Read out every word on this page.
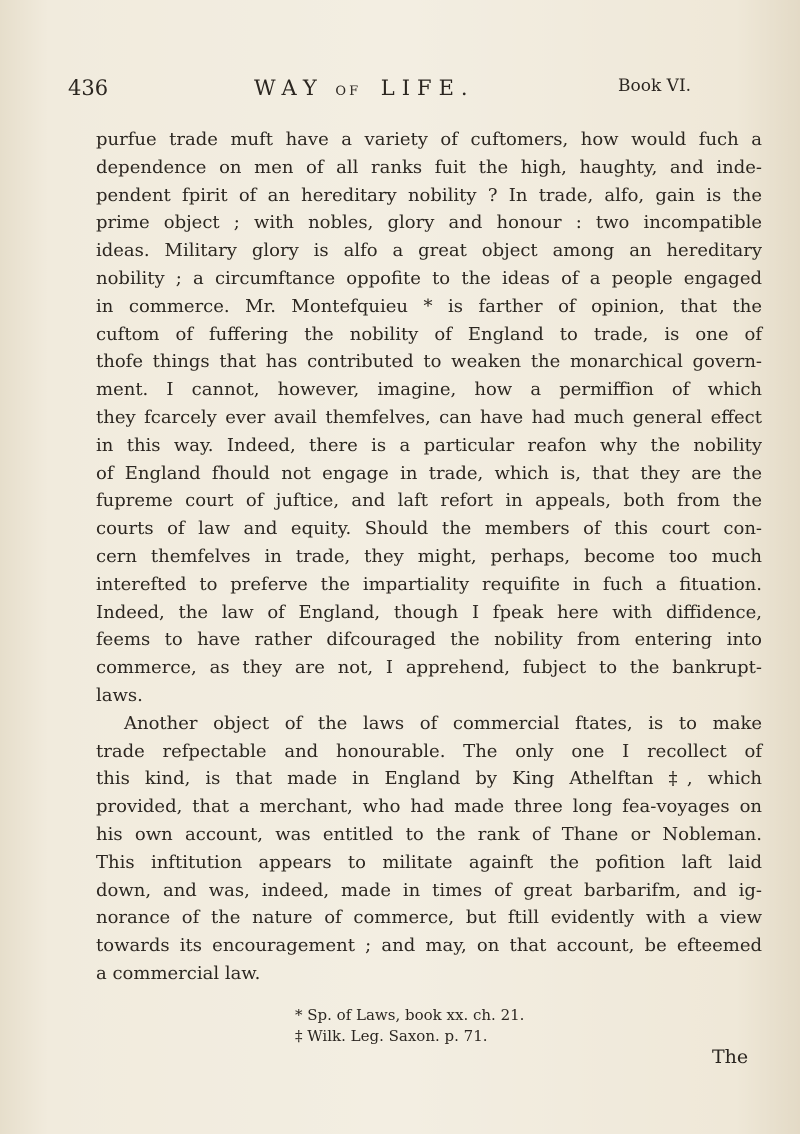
436	WAY OF LIFE.	Book VI.
purfue trade muft have a variety of cuftomers, how would fuch a
dependence on men of all ranks fuit the high, haughty, and inde-
pendent fpirit of an hereditary nobility ? In trade, alfo, gain is the
prime object ; with nobles, glory and honour : two incompatible
ideas. Military glory is alfo a great object among an hereditary
nobility ; a circumftance oppofite to the ideas of a people engaged
in commerce. Mr. Montefquieu * is farther of opinion, that the
cuftom of fuffering the nobility of England to trade, is one of
thofe things that has contributed to weaken the monarchical govern-
ment. I cannot, however, imagine, how a permiffion of which
they fcarcely ever avail themfelves, can have had much general effect
in this way. Indeed, there is a particular reafon why the nobility
of England fhould not engage in trade, which is, that they are the
fupreme court of juftice, and laft refort in appeals, both from the
courts of law and equity. Should the members of this court con-
cern themfelves in trade, they might, perhaps, become too much
interefted to preferve the impartiality requifite in fuch a fituation.
Indeed, the law of England, though I fpeak here with diffidence,
feems to have rather difcouraged the nobility from entering into
commerce, as they are not, I apprehend, fubject to the bankrupt-
laws.
Another object of the laws of commercial ftates, is to make
trade refpectable and honourable. The only one I recollect of
this kind, is that made in England by King Athelftan ‡, which
provided, that a merchant, who had made three long fea-voyages on
his own account, was entitled to the rank of Thane or Nobleman.
This inftitution appears to militate againft the pofition laft laid
down, and was, indeed, made in times of great barbarifm, and ig-
norance of the nature of commerce, but ftill evidently with a view
towards its encouragement ; and may, on that account, be efteemed
a commercial law.
* Sp. of Laws, book xx. ch. 21.
‡ Wilk. Leg. Saxon. p. 71.
The
